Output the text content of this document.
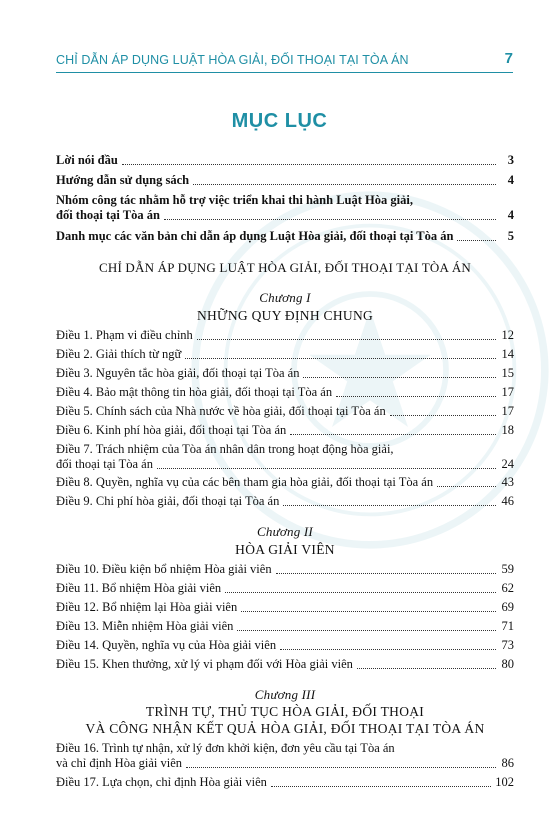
CHỈ DẪN ÁP DỤNG LUẬT HÒA GIẢI, ĐỐI THOẠI TẠI TÒA ÁN	7
MỤC LỤC
Lời nói đầu	3
Hướng dẫn sử dụng sách	4
Nhóm công tác nhằm hỗ trợ việc triển khai thi hành Luật Hòa giải,
đối thoại tại Tòa án	4
Danh mục các văn bản chỉ dẫn áp dụng Luật Hòa giải, đối thoại tại Tòa án	5
CHỈ DẪN ÁP DỤNG LUẬT HÒA GIẢI, ĐỐI THOẠI TẠI TÒA ÁN
Chương I
NHỮNG QUY ĐỊNH CHUNG
Điều 1. Phạm vi điều chỉnh	12
Điều 2. Giải thích từ ngữ	14
Điều 3. Nguyên tắc hòa giải, đối thoại tại Tòa án	15
Điều 4. Bảo mật thông tin hòa giải, đối thoại tại Tòa án	17
Điều 5. Chính sách của Nhà nước về hòa giải, đối thoại tại Tòa án	17
Điều 6. Kinh phí hòa giải, đối thoại tại Tòa án	18
Điều 7. Trách nhiệm của Tòa án nhân dân trong hoạt động hòa giải,
đối thoại tại Tòa án	24
Điều 8. Quyền, nghĩa vụ của các bên tham gia hòa giải, đối thoại tại Tòa án	43
Điều 9. Chi phí hòa giải, đối thoại tại Tòa án	46
Chương II
HÒA GIẢI VIÊN
Điều 10. Điều kiện bổ nhiệm Hòa giải viên	59
Điều 11. Bổ nhiệm Hòa giải viên	62
Điều 12. Bổ nhiệm lại Hòa giải viên	69
Điều 13. Miễn nhiệm Hòa giải viên	71
Điều 14. Quyền, nghĩa vụ của Hòa giải viên	73
Điều 15. Khen thưởng, xử lý vi phạm đối với Hòa giải viên	80
Chương III
TRÌNH TỰ, THỦ TỤC HÒA GIẢI, ĐỐI THOẠI
VÀ CÔNG NHẬN KẾT QUẢ HÒA GIẢI, ĐỐI THOẠI TẠI TÒA ÁN
Điều 16. Trình tự nhận, xử lý đơn khởi kiện, đơn yêu cầu tại Tòa án
và chỉ định Hòa giải viên	86
Điều 17. Lựa chọn, chỉ định Hòa giải viên	102
